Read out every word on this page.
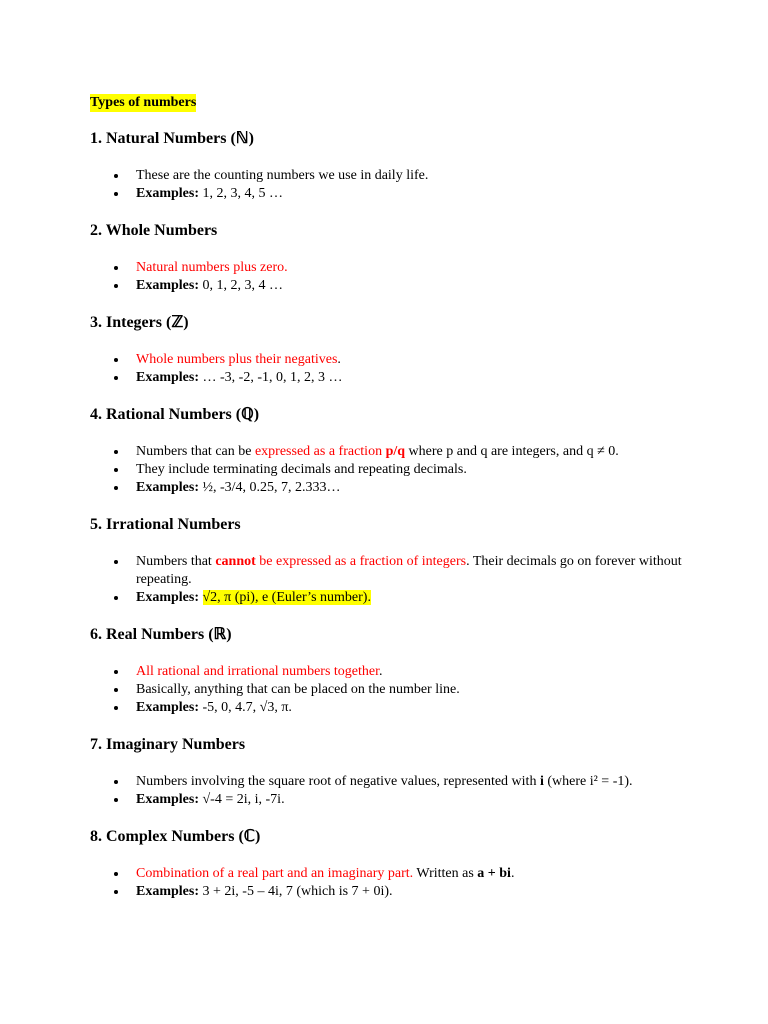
Types of numbers

1. Natural Numbers (ℕ)
These are the counting numbers we use in daily life.
Examples: 1, 2, 3, 4, 5 …
2. Whole Numbers
Natural numbers plus zero.
Examples: 0, 1, 2, 3, 4 …
3. Integers (ℤ)
Whole numbers plus their negatives.
Examples: … -3, -2, -1, 0, 1, 2, 3 …
4. Rational Numbers (ℚ)
Numbers that can be expressed as a fraction p/q where p and q are integers, and q ≠ 0.
They include terminating decimals and repeating decimals.
Examples: ½, -3/4, 0.25, 7, 2.333…
5. Irrational Numbers
Numbers that cannot be expressed as a fraction of integers. Their decimals go on forever without repeating.
Examples: √2, π (pi), e (Euler’s number).
6. Real Numbers (ℝ)
All rational and irrational numbers together.
Basically, anything that can be placed on the number line.
Examples: -5, 0, 4.7, √3, π.
7. Imaginary Numbers
Numbers involving the square root of negative values, represented with i (where i² = -1).
Examples: √-4 = 2i, i, -7i.
8. Complex Numbers (ℂ)
Combination of a real part and an imaginary part. Written as a + bi.
Examples: 3 + 2i, -5 – 4i, 7 (which is 7 + 0i).
